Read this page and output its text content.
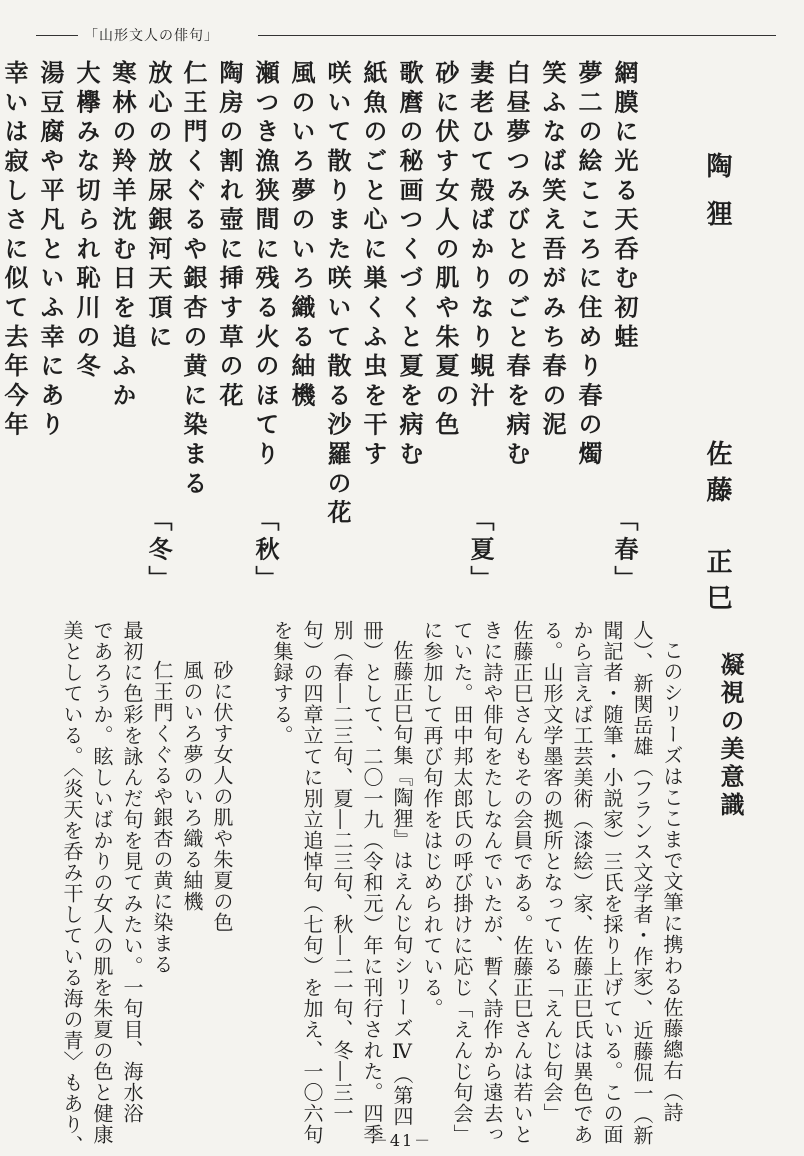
「山形文人の俳句」
陶狸
佐藤　正巳
網膜に光る天呑む初蛙
「春」
夢二の絵こころに住めり春の燭
笑ふなば笑え吾がみち春の泥
白昼夢つみびとのごと春を病む
妻老ひて殻ばかりなり蜆汁
「夏」
砂に伏す女人の肌や朱夏の色
歌麿の秘画つくづくと夏を病む
紙魚のごと心に巣くふ虫を干す
咲いて散りまた咲いて散る沙羅の花
風のいろ夢のいろ織る紬機
瀬つき漁狭間に残る火のほてり
「秋」
陶房の割れ壺に挿す草の花
仁王門くぐるや銀杏の黄に染まる
放心の放尿銀河天頂に
「冬」
寒林の羚羊沈む日を追ふか
大欅みな切られ恥川の冬
湯豆腐や平凡といふ幸にあり
凝視の美意識
このシリーズはここまで文筆に携わる佐藤總右（詩
人）、新関岳雄（フランス文学者・作家）、近藤侃一（新
聞記者・随筆・小説家）三氏を採り上げている。この面
から言えば工芸美術（漆絵）家、佐藤正巳氏は異色であ
る。山形文学墨客の拠所となっている「えんじ句会」
佐藤正巳さんもその会員である。佐藤正巳さんは若いと
きに詩や俳句をたしなんでいたが、暫く詩作から遠去っ
ていた。田中邦太郎氏の呼び掛けに応じ「えんじ句会」
に参加して再び句作をはじめられている。
佐藤正巳句集『陶狸』はえんじ句シリーズⅣ（第四
冊）として、二〇一九（令和元）年に刊行された。四季
別（春―二三句、夏―二三句、秋―二一句、冬―三一
句）の四章立てに別立追悼句（七句）を加え、一〇六句
を集録する。
砂に伏す女人の肌や朱夏の色
風のいろ夢のいろ織る紬機
仁王門くぐるや銀杏の黄に染まる
最初に色彩を詠んだ句を見てみたい。一句目、海水浴
であろうか。眩しいばかりの女人の肌を朱夏の色と健康
美としている。〈炎天を呑み干している海の青〉もあり、	－41－
幸いは寂しさに似て去年今年
